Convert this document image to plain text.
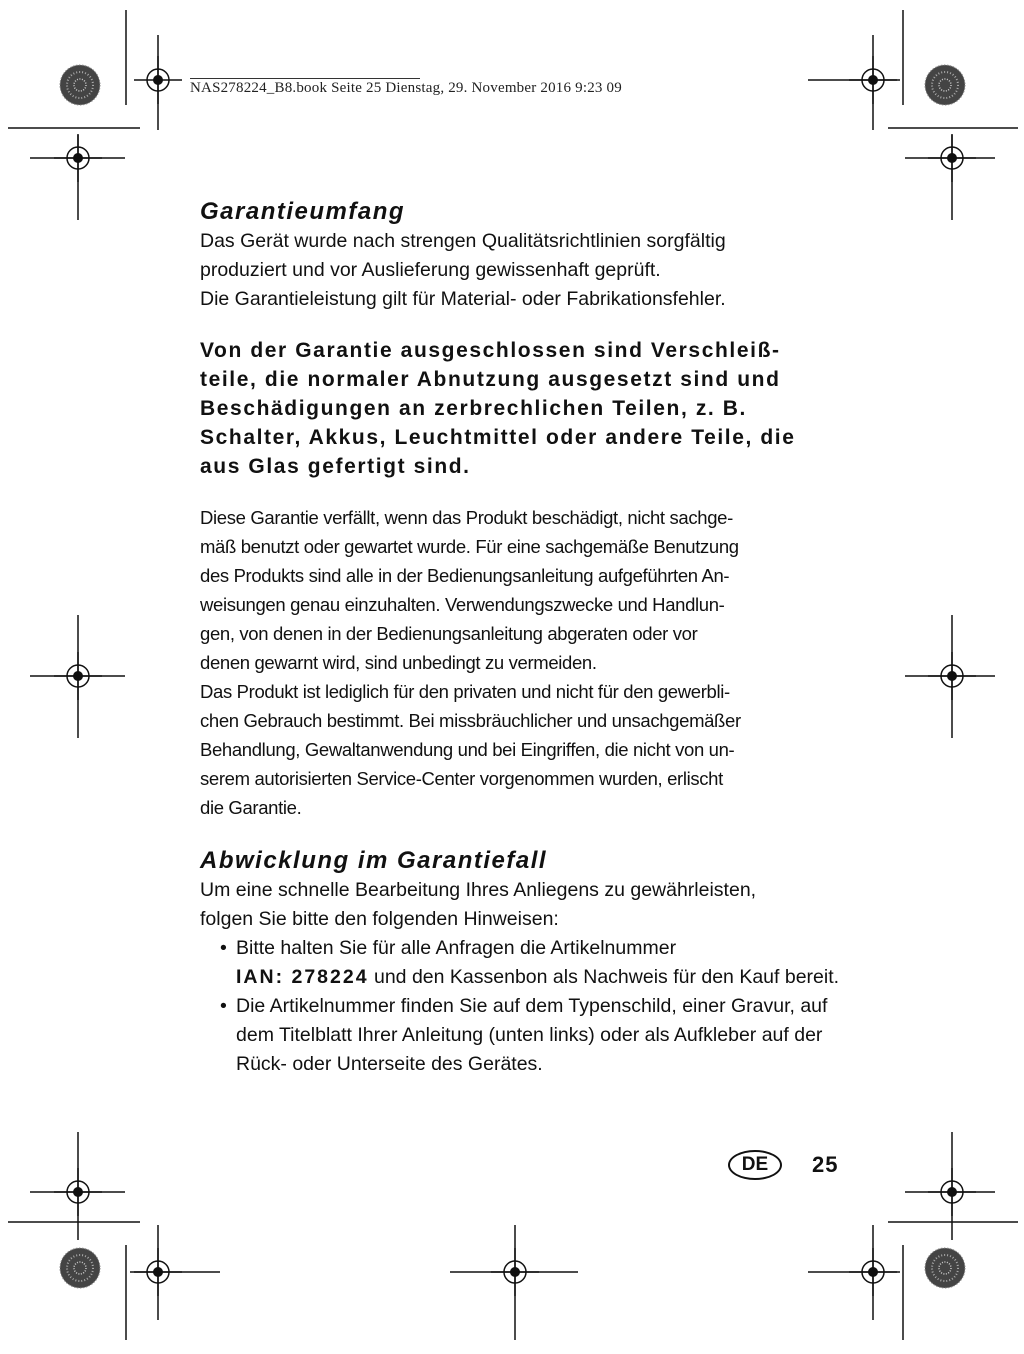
NAS278224_B8.book Seite 25 Dienstag, 29. November 2016 9:23 09
Garantieumfang

Das Gerät wurde nach strengen Qualitätsrichtlinien sorgfältig
produziert und vor Auslieferung gewissenhaft geprüft.
Die Garantieleistung gilt für Material- oder Fabrikationsfehler.

Von der Garantie ausgeschlossen sind Verschleiß-
teile, die normaler Abnutzung ausgesetzt sind und
Beschädigungen an zerbrechlichen Teilen, z. B.
Schalter, Akkus, Leuchtmittel oder andere Teile, die
aus Glas gefertigt sind.

Diese Garantie verfällt, wenn das Produkt beschädigt, nicht sachge-
mäß benutzt oder gewartet wurde. Für eine sachgemäße Benutzung
des Produkts sind alle in der Bedienungsanleitung aufgeführten An-
weisungen genau einzuhalten. Verwendungszwecke und Handlun-
gen, von denen in der Bedienungsanleitung abgeraten oder vor
denen gewarnt wird, sind unbedingt zu vermeiden.
Das Produkt ist lediglich für den privaten und nicht für den gewerbli-
chen Gebrauch bestimmt. Bei missbräuchlicher und unsachgemäßer
Behandlung, Gewaltanwendung und bei Eingriffen, die nicht von un-
serem autorisierten Service-Center vorgenommen wurden, erlischt
die Garantie.

Abwicklung im Garantiefall

Um eine schnelle Bearbeitung Ihres Anliegens zu gewährleisten,
folgen Sie bitte den folgenden Hinweisen:

• Bitte halten Sie für alle Anfragen die Artikelnummer
IAN: 278224 und den Kassenbon als Nachweis für den Kauf bereit.
• Die Artikelnummer finden Sie auf dem Typenschild, einer Gravur, auf dem Titelblatt Ihrer Anleitung (unten links) oder als Aufkleber auf der Rück- oder Unterseite des Gerätes.
DE	25
